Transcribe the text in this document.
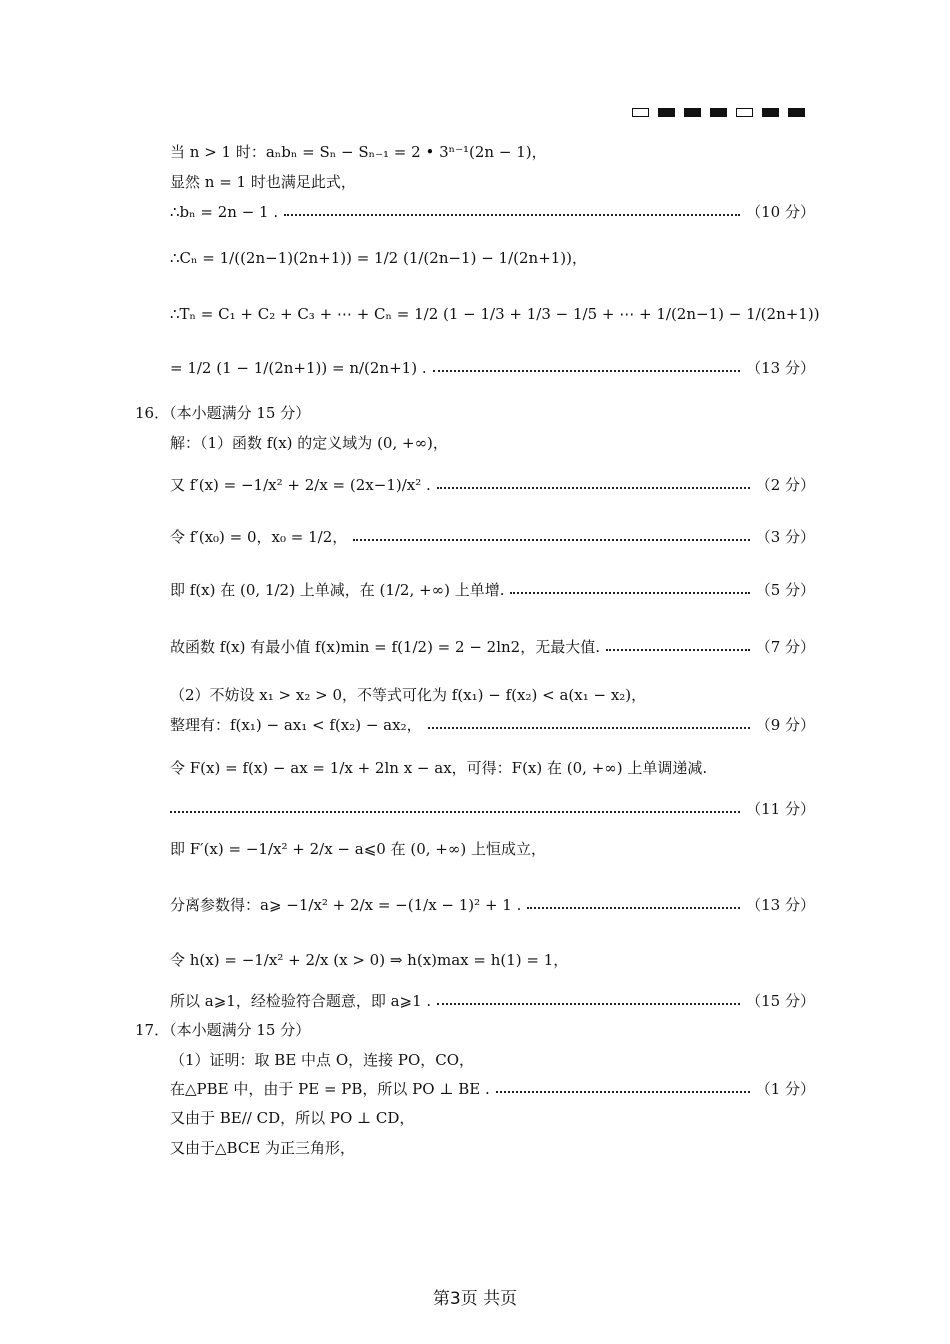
当 n > 1 时：aₙbₙ = Sₙ − Sₙ₋₁ = 2 • 3ⁿ⁻¹(2n − 1)，
显然 n = 1 时也满足此式，
∴bₙ = 2n − 1 .	（10 分）
∴Cₙ = 1/((2n−1)(2n+1)) = 1/2 (1/(2n−1) − 1/(2n+1))，
∴Tₙ = C₁ + C₂ + C₃ + ⋯ + Cₙ = 1/2 (1 − 1/3 + 1/3 − 1/5 + ⋯ + 1/(2n−1) − 1/(2n+1))
= 1/2 (1 − 1/(2n+1)) = n/(2n+1) .	（13 分）
16．（本小题满分 15 分）
解：（1）函数 f(x) 的定义域为 (0, +∞)，
又 f′(x) = −1/x² + 2/x = (2x−1)/x² .	（2 分）
令 f′(x₀) = 0，x₀ = 1/2，	（3 分）
即 f(x) 在 (0, 1/2) 上单减，在 (1/2, +∞) 上单增.	（5 分）
故函数 f(x) 有最小值 f(x)min = f(1/2) = 2 − 2ln2，无最大值.	（7 分）
（2）不妨设 x₁ > x₂ > 0，不等式可化为 f(x₁) − f(x₂) < a(x₁ − x₂)，
整理有：f(x₁) − ax₁ < f(x₂) − ax₂，	（9 分）
令 F(x) = f(x) − ax = 1/x + 2ln x − ax，可得：F(x) 在 (0, +∞) 上单调递减.
（11 分）
即 F′(x) = −1/x² + 2/x − a⩽0 在 (0, +∞) 上恒成立，
分离参数得：a⩾ −1/x² + 2/x = −(1/x − 1)² + 1 .	（13 分）
令 h(x) = −1/x² + 2/x (x > 0) ⇒ h(x)max = h(1) = 1，
所以 a⩾1，经检验符合题意，即 a⩾1 .	（15 分）
17．（本小题满分 15 分）
（1）证明：取 BE 中点 O，连接 PO，CO，
在△PBE 中，由于 PE = PB，所以 PO ⊥ BE .	（1 分）
又由于 BE// CD，所以 PO ⊥ CD，
又由于△BCE 为正三角形，
第3页 共页
